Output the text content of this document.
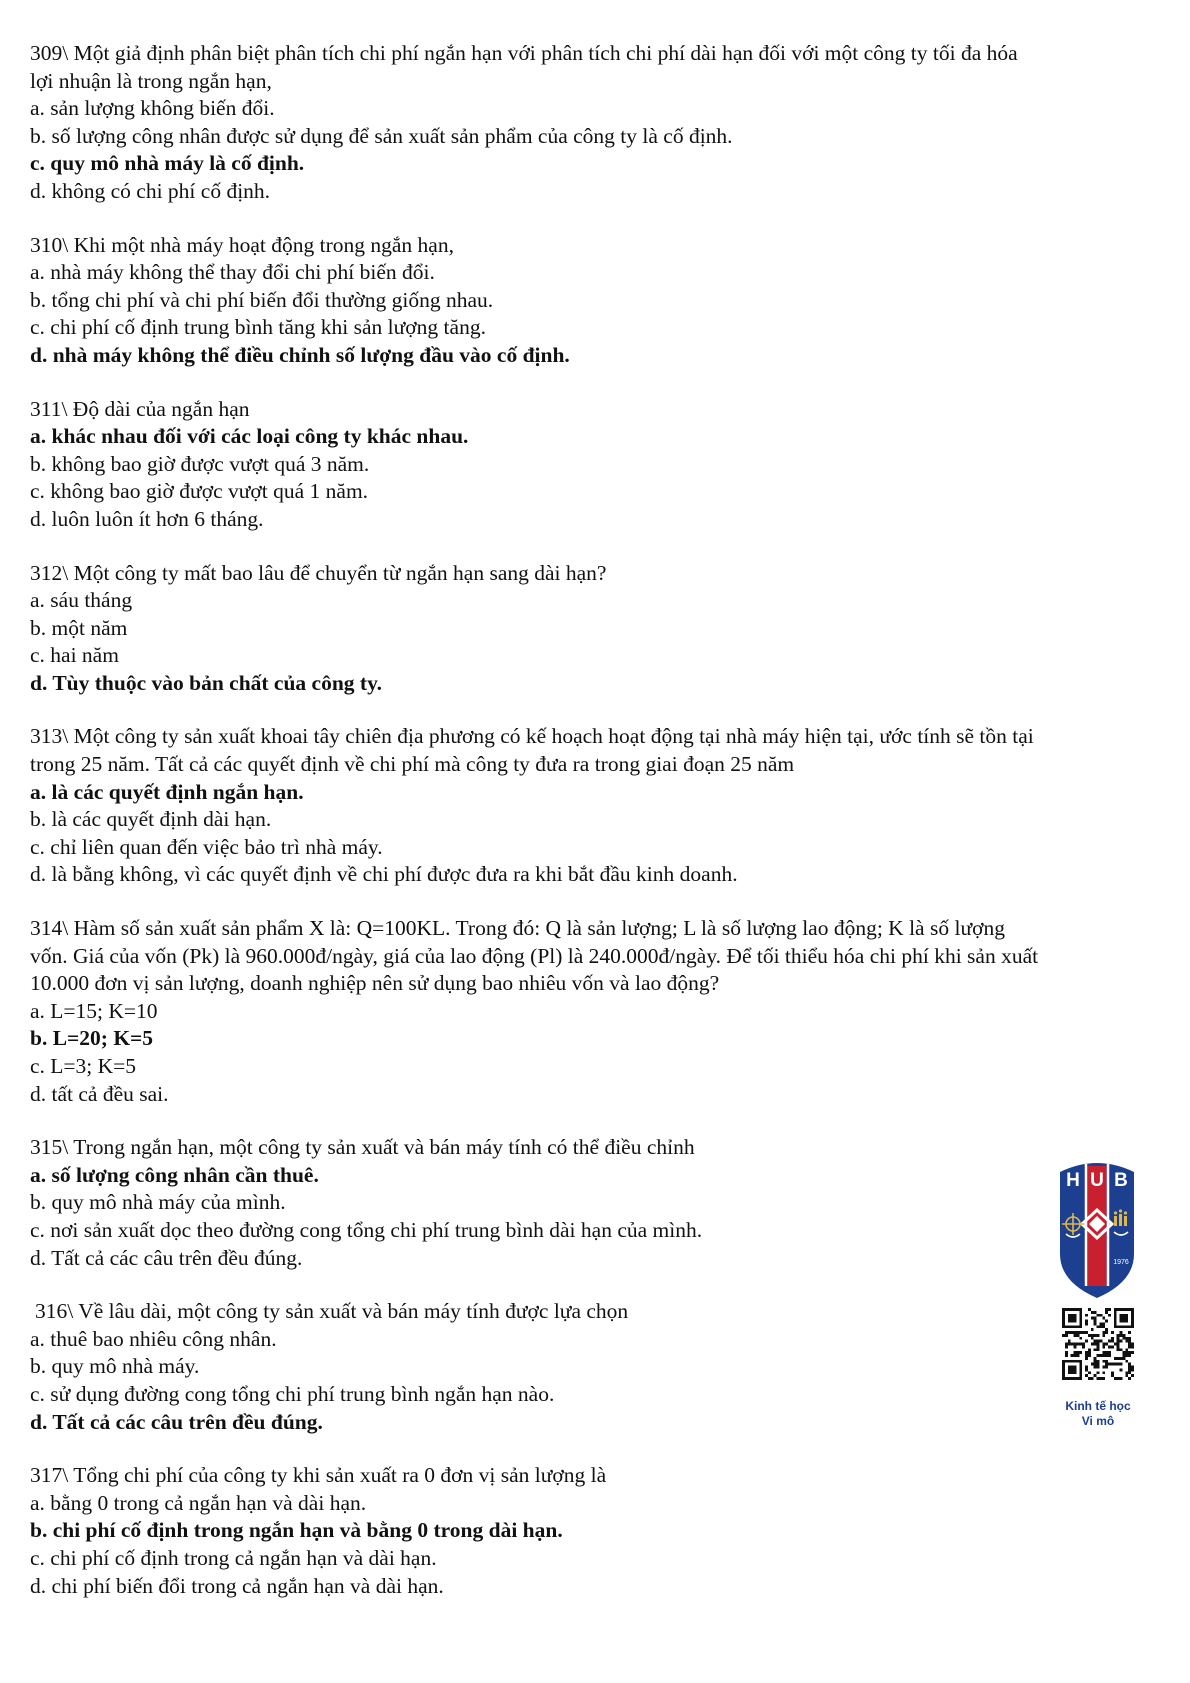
309\ Một giả định phân biệt phân tích chi phí ngắn hạn với phân tích chi phí dài hạn đối với một công ty tối đa hóa
lợi nhuận là trong ngắn hạn,
a. sản lượng không biến đổi.
b. số lượng công nhân được sử dụng để sản xuất sản phẩm của công ty là cố định.
c. quy mô nhà máy là cố định.
d. không có chi phí cố định.
310\ Khi một nhà máy hoạt động trong ngắn hạn,
a. nhà máy không thể thay đổi chi phí biến đổi.
b. tổng chi phí và chi phí biến đổi thường giống nhau.
c. chi phí cố định trung bình tăng khi sản lượng tăng.
d. nhà máy không thể điều chỉnh số lượng đầu vào cố định.
311\ Độ dài của ngắn hạn
a. khác nhau đối với các loại công ty khác nhau.
b. không bao giờ được vượt quá 3 năm.
c. không bao giờ được vượt quá 1 năm.
d. luôn luôn ít hơn 6 tháng.
312\ Một công ty mất bao lâu để chuyển từ ngắn hạn sang dài hạn?
a. sáu tháng
b. một năm
c. hai năm
d. Tùy thuộc vào bản chất của công ty.
313\ Một công ty sản xuất khoai tây chiên địa phương có kế hoạch hoạt động tại nhà máy hiện tại, ước tính sẽ tồn tại
trong 25 năm. Tất cả các quyết định về chi phí mà công ty đưa ra trong giai đoạn 25 năm
a. là các quyết định ngắn hạn.
b. là các quyết định dài hạn.
c. chỉ liên quan đến việc bảo trì nhà máy.
d. là bằng không, vì các quyết định về chi phí được đưa ra khi bắt đầu kinh doanh.
314\ Hàm số sản xuất sản phẩm X là: Q=100KL. Trong đó: Q là sản lượng; L là số lượng lao động; K là số lượng
vốn. Giá của vốn (Pk) là 960.000đ/ngày, giá của lao động (Pl) là 240.000đ/ngày. Để tối thiểu hóa chi phí khi sản xuất
10.000 đơn vị sản lượng, doanh nghiệp nên sử dụng bao nhiêu vốn và lao động?
a. L=15; K=10
b. L=20; K=5
c. L=3; K=5
d. tất cả đều sai.
315\ Trong ngắn hạn, một công ty sản xuất và bán máy tính có thể điều chỉnh
a. số lượng công nhân cần thuê.
b. quy mô nhà máy của mình.
c. nơi sản xuất dọc theo đường cong tổng chi phí trung bình dài hạn của mình.
d. Tất cả các câu trên đều đúng.
316\ Về lâu dài, một công ty sản xuất và bán máy tính được lựa chọn
a. thuê bao nhiêu công nhân.
b. quy mô nhà máy.
c. sử dụng đường cong tổng chi phí trung bình ngắn hạn nào.
d. Tất cả các câu trên đều đúng.
317\ Tổng chi phí của công ty khi sản xuất ra 0 đơn vị sản lượng là
a. bằng 0 trong cả ngắn hạn và dài hạn.
b. chi phí cố định trong ngắn hạn và bằng 0 trong dài hạn.
c. chi phí cố định trong cả ngắn hạn và dài hạn.
d. chi phí biến đổi trong cả ngắn hạn và dài hạn.
H U B
1976
Kinh tế học
Vi mô
